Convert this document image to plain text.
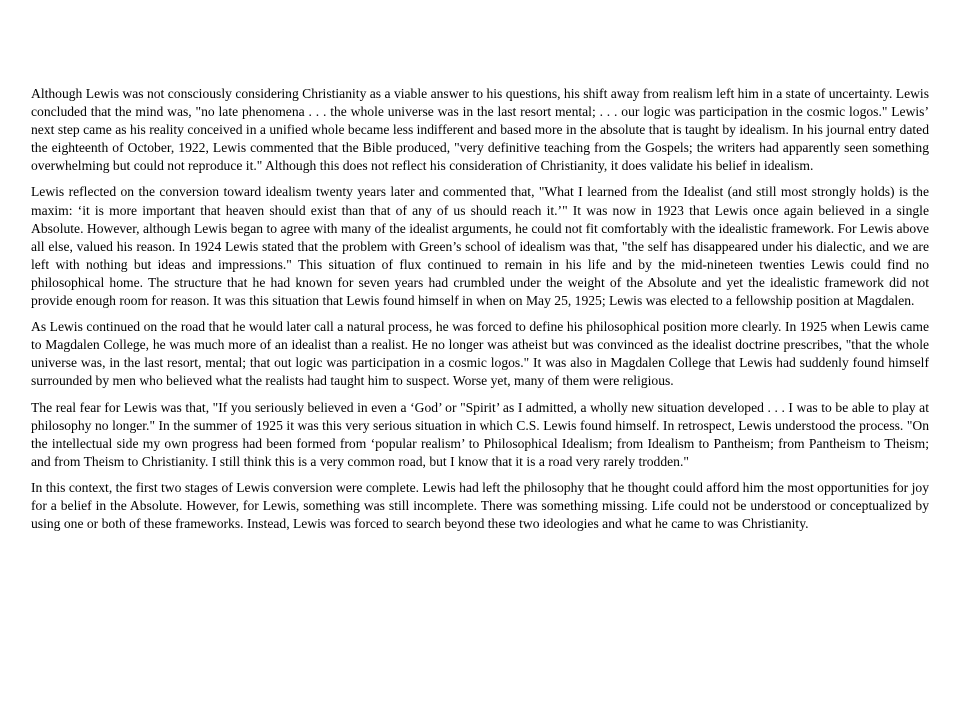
Although Lewis was not consciously considering Christianity as a viable answer to his questions, his shift away from realism left him in a state of uncertainty. Lewis concluded that the mind was, "no late phenomena . . . the whole universe was in the last resort mental; . . . our logic was participation in the cosmic logos." Lewis’ next step came as his reality conceived in a unified whole became less indifferent and based more in the absolute that is taught by idealism. In his journal entry dated the eighteenth of October, 1922, Lewis commented that the Bible produced, "very definitive teaching from the Gospels; the writers had apparently seen something overwhelming but could not reproduce it." Although this does not reflect his consideration of Christianity, it does validate his belief in idealism.

Lewis reflected on the conversion toward idealism twenty years later and commented that, "What I learned from the Idealist (and still most strongly holds) is the maxim: ‘it is more important that heaven should exist than that of any of us should reach it.’" It was now in 1923 that Lewis once again believed in a single Absolute. However, although Lewis began to agree with many of the idealist arguments, he could not fit comfortably with the idealistic framework. For Lewis above all else, valued his reason. In 1924 Lewis stated that the problem with Green’s school of idealism was that, "the self has disappeared under his dialectic, and we are left with nothing but ideas and impressions." This situation of flux continued to remain in his life and by the mid-nineteen twenties Lewis could find no philosophical home. The structure that he had known for seven years had crumbled under the weight of the Absolute and yet the idealistic framework did not provide enough room for reason. It was this situation that Lewis found himself in when on May 25, 1925; Lewis was elected to a fellowship position at Magdalen.

As Lewis continued on the road that he would later call a natural process, he was forced to define his philosophical position more clearly. In 1925 when Lewis came to Magdalen College, he was much more of an idealist than a realist. He no longer was atheist but was convinced as the idealist doctrine prescribes, "that the whole universe was, in the last resort, mental; that out logic was participation in a cosmic logos." It was also in Magdalen College that Lewis had suddenly found himself surrounded by men who believed what the realists had taught him to suspect. Worse yet, many of them were religious.

The real fear for Lewis was that, "If you seriously believed in even a ‘God’ or "Spirit’ as I admitted, a wholly new situation developed . . . I was to be able to play at philosophy no longer." In the summer of 1925 it was this very serious situation in which C.S. Lewis found himself. In retrospect, Lewis understood the process. "On the intellectual side my own progress had been formed from ‘popular realism’ to Philosophical Idealism; from Idealism to Pantheism; from Pantheism to Theism; and from Theism to Christianity. I still think this is a very common road, but I know that it is a road very rarely trodden."

In this context, the first two stages of Lewis conversion were complete. Lewis had left the philosophy that he thought could afford him the most opportunities for joy for a belief in the Absolute. However, for Lewis, something was still incomplete. There was something missing. Life could not be understood or conceptualized by using one or both of these frameworks. Instead, Lewis was forced to search beyond these two ideologies and what he came to was Christianity.
